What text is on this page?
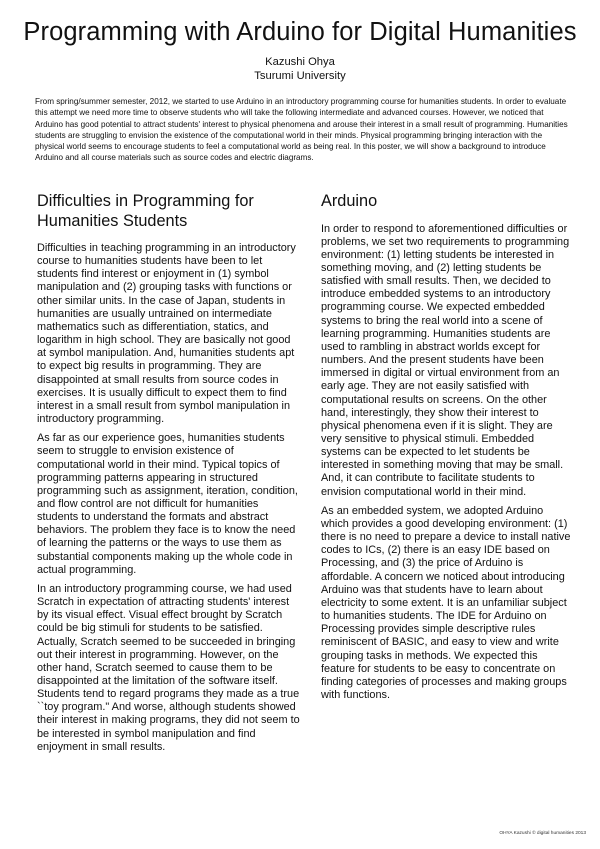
Programming with Arduino for Digital Humanities
Kazushi Ohya
Tsurumi University

From spring/summer semester, 2012, we started to use Arduino in an introductory programming course for humanities students. In order to evaluate this attempt we need more time to observe students who will take the following intermediate and advanced courses. However, we noticed that Arduino has good potential to attract students' interest to physical phenomena and arouse their interest in a small result of programming. Humanities students are struggling to envision the existence of the computational world in their minds. Physical programming bringing interaction with the physical world seems to encourage students to feel a computational world as being real. In this poster, we will show a background to introduce Arduino and all course materials such as source codes and electric diagrams.

Difficulties in Programming for Humanities Students

Difficulties in teaching programming in an introductory course to humanities students have been to let students find interest or enjoyment in (1) symbol manipulation and (2) grouping tasks with functions or other similar units. In the case of Japan, students in humanities are usually untrained on intermediate mathematics such as differentiation, statics, and logarithm in high school. They are basically not good at symbol manipulation. And, humanities students apt to expect big results in programming. They are disappointed at small results from source codes in exercises. It is usually difficult to expect them to find interest in a small result from symbol manipulation in introductory programming.

As far as our experience goes, humanities students seem to struggle to envision existence of computational world in their mind. Typical topics of programming patterns appearing in structured programming such as assignment, iteration, condition, and flow control are not difficult for humanities students to understand the formats and abstract behaviors. The problem they face is to know the need of learning the patterns or the ways to use them as substantial components making up the whole code in actual programming.

In an introductory programming course, we had used Scratch in expectation of attracting students' interest by its visual effect. Visual effect brought by Scratch could be big stimuli for students to be satisfied. Actually, Scratch seemed to be succeeded in bringing out their interest in programming. However, on the other hand, Scratch seemed to cause them to be disappointed at the limitation of the software itself. Students tend to regard programs they made as a true ``toy program." And worse, although students showed their interest in making programs, they did not seem to be interested in symbol manipulation and find enjoyment in small results.

Arduino

In order to respond to aforementioned difficulties or problems, we set two requirements to programming environment: (1) letting students be interested in something moving, and (2) letting students be satisfied with small results. Then, we decided to introduce embedded systems to an introductory programming course. We expected embedded systems to bring the real world into a scene of learning programming. Humanities students are used to rambling in abstract worlds except for numbers. And the present students have been immersed in digital or virtual environment from an early age. They are not easily satisfied with computational results on screens. On the other hand, interestingly, they show their interest to physical phenomena even if it is slight. They are very sensitive to physical stimuli. Embedded systems can be expected to let students be interested in something moving that may be small. And, it can contribute to facilitate students to envision computational world in their mind.

As an embedded system, we adopted Arduino which provides a good developing environment: (1) there is no need to prepare a device to install native codes to ICs, (2) there is an easy IDE based on Processing, and (3) the price of Arduino is affordable. A concern we noticed about introducing Arduino was that students have to learn about electricity to some extent. It is an unfamiliar subject to humanities students. The IDE for Arduino on Processing provides simple descriptive rules reminiscent of BASIC, and easy to view and write grouping tasks in methods. We expected this feature for students to be easy to concentrate on finding categories of processes and making groups with functions.

OHYA Kazushi © digital humanities 2013
